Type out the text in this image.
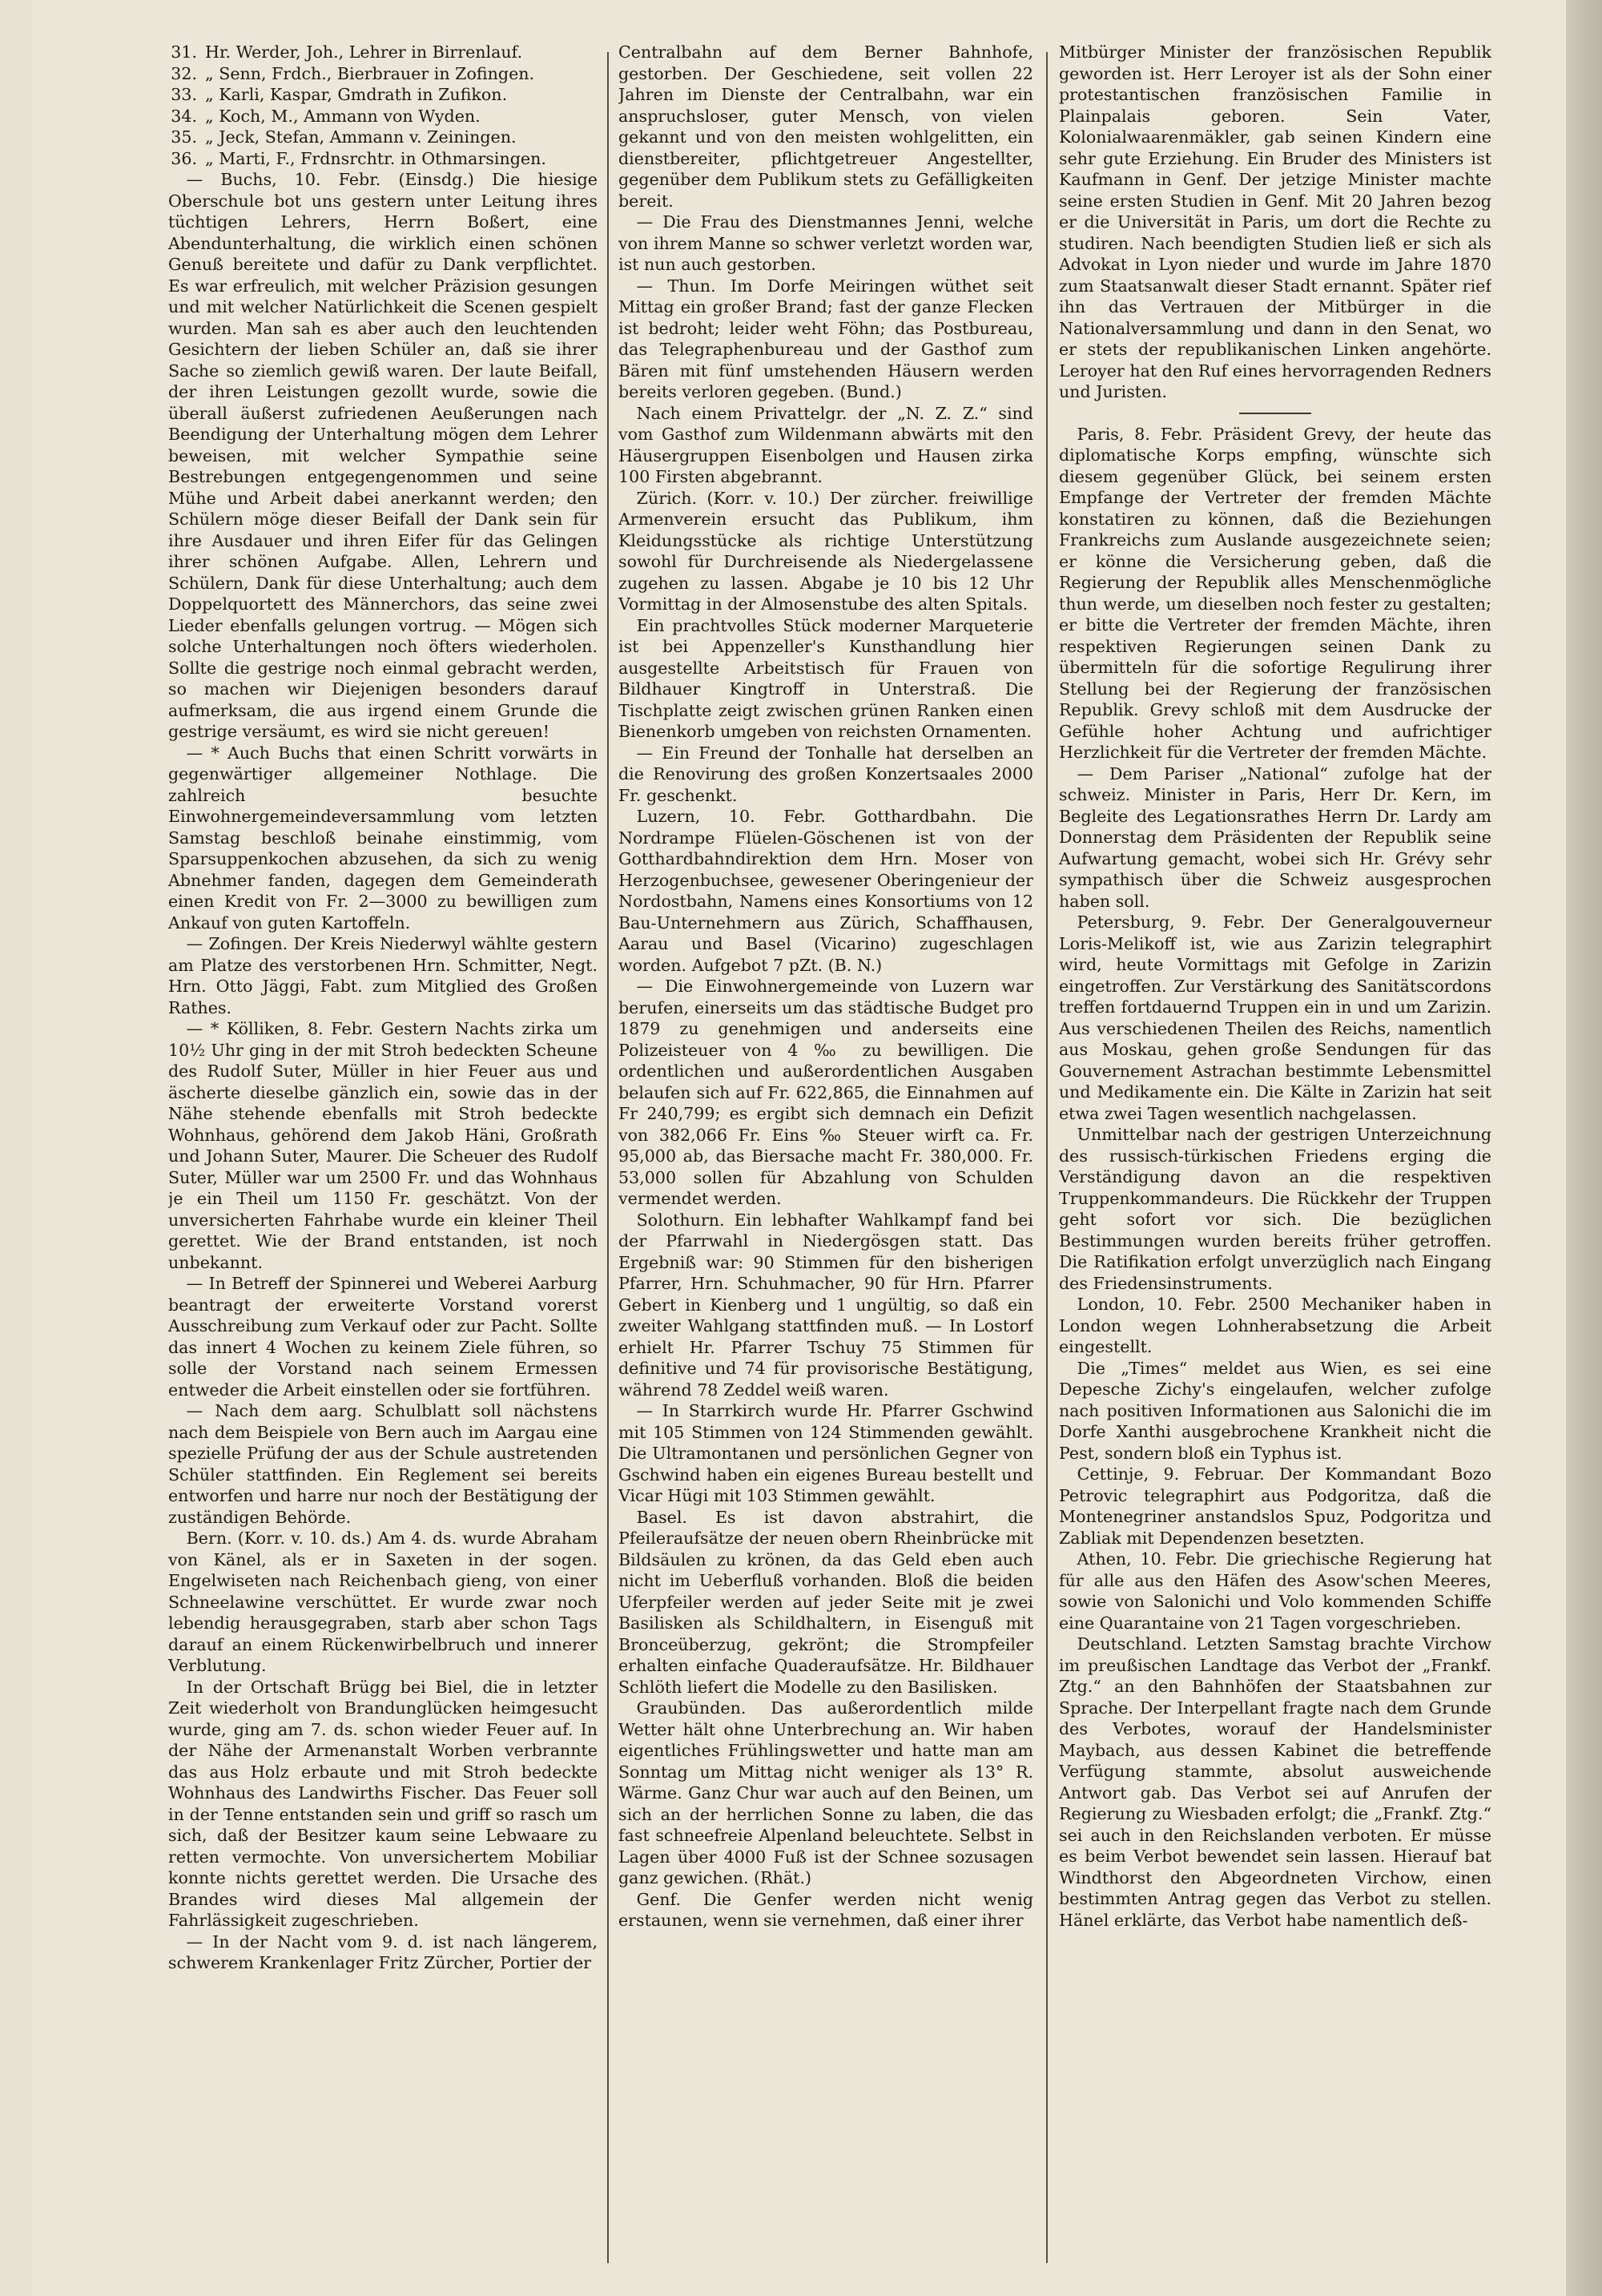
31. Hr. Werder, Joh., Lehrer in Birrenlauf.
32. „ Senn, Frdch., Bierbrauer in Zofingen.
33. „ Karli, Kaspar, Gmdrath in Zufikon.
34. „ Koch, M., Ammann von Wyden.
35. „ Jeck, Stefan, Ammann v. Zeiningen.
36. „ Marti, F., Frdnsrchtr. in Othmarsingen.

— Buchs, 10. Febr. (Einsdg.) Die hiesige Oberschule bot uns gestern unter Leitung ihres tüchtigen Lehrers, Herrn Boßert, eine Abendunterhaltung, die wirklich einen schönen Genuß bereitete und dafür zu Dank verpflichtet. Es war erfreulich, mit welcher Präzision gesungen und mit welcher Natürlichkeit die Scenen gespielt wurden. Man sah es aber auch den leuchtenden Gesichtern der lieben Schüler an, daß sie ihrer Sache so ziemlich gewiß waren. Der laute Beifall, der ihren Leistungen gezollt wurde, sowie die überall äußerst zufriedenen Aeußerungen nach Beendigung der Unterhaltung mögen dem Lehrer beweisen, mit welcher Sympathie seine Bestrebungen entgegengenommen und seine Mühe und Arbeit dabei anerkannt werden; den Schülern möge dieser Beifall der Dank sein für ihre Ausdauer und ihren Eifer für das Gelingen ihrer schönen Aufgabe. Allen, Lehrern und Schülern, Dank für diese Unterhaltung; auch dem Doppelquortett des Männerchors, das seine zwei Lieder ebenfalls gelungen vortrug. — Mögen sich solche Unterhaltungen noch öfters wiederholen. Sollte die gestrige noch einmal gebracht werden, so machen wir Diejenigen besonders darauf aufmerksam, die aus irgend einem Grunde die gestrige versäumt, es wird sie nicht gereuen!

— * Auch Buchs that einen Schritt vorwärts in gegenwärtiger allgemeiner Nothlage. Die zahlreich besuchte Einwohnergemeindeversammlung vom letzten Samstag beschloß beinahe einstimmig, vom Sparsuppenkochen abzusehen, da sich zu wenig Abnehmer fanden, dagegen dem Gemeinderath einen Kredit von Fr. 2—3000 zu bewilligen zum Ankauf von guten Kartoffeln.

— Zofingen. Der Kreis Niederwyl wählte gestern am Platze des verstorbenen Hrn. Schmitter, Negt. Hrn. Otto Jäggi, Fabt. zum Mitglied des Großen Rathes.

— * Kölliken, 8. Febr. Gestern Nachts zirka um 10½ Uhr ging in der mit Stroh bedeckten Scheune des Rudolf Suter, Müller in hier Feuer aus und äscherte dieselbe gänzlich ein, sowie das in der Nähe stehende ebenfalls mit Stroh bedeckte Wohnhaus, gehörend dem Jakob Häni, Großrath und Johann Suter, Maurer. Die Scheuer des Rudolf Suter, Müller war um 2500 Fr. und das Wohnhaus je ein Theil um 1150 Fr. geschätzt. Von der unversicherten Fahrhabe wurde ein kleiner Theil gerettet. Wie der Brand entstanden, ist noch unbekannt.

— In Betreff der Spinnerei und Weberei Aarburg beantragt der erweiterte Vorstand vorerst Ausschreibung zum Verkauf oder zur Pacht. Sollte das innert 4 Wochen zu keinem Ziele führen, so solle der Vorstand nach seinem Ermessen entweder die Arbeit einstellen oder sie fortführen.

— Nach dem aarg. Schulblatt soll nächstens nach dem Beispiele von Bern auch im Aargau eine spezielle Prüfung der aus der Schule austretenden Schüler stattfinden. Ein Reglement sei bereits entworfen und harre nur noch der Bestätigung der zuständigen Behörde.

Bern. (Korr. v. 10. ds.) Am 4. ds. wurde Abraham von Känel, als er in Saxeten in der sogen. Engelwiseten nach Reichenbach gieng, von einer Schneelawine verschüttet. Er wurde zwar noch lebendig herausgegraben, starb aber schon Tags darauf an einem Rückenwirbelbruch und innerer Verblutung.

In der Ortschaft Brügg bei Biel, die in letzter Zeit wiederholt von Brandunglücken heimgesucht wurde, ging am 7. ds. schon wieder Feuer auf. In der Nähe der Armenanstalt Worben verbrannte das aus Holz erbaute und mit Stroh bedeckte Wohnhaus des Landwirths Fischer. Das Feuer soll in der Tenne entstanden sein und griff so rasch um sich, daß der Besitzer kaum seine Lebwaare zu retten vermochte. Von unversichertem Mobiliar konnte nichts gerettet werden. Die Ursache des Brandes wird dieses Mal allgemein der Fahrlässigkeit zugeschrieben.

— In der Nacht vom 9. d. ist nach längerem, schwerem Krankenlager Fritz Zürcher, Portier der

Centralbahn auf dem Berner Bahnhofe, gestorben. Der Geschiedene, seit vollen 22 Jahren im Dienste der Centralbahn, war ein anspruchsloser, guter Mensch, von vielen gekannt und von den meisten wohlgelitten, ein dienstbereiter, pflichtgetreuer Angestellter, gegenüber dem Publikum stets zu Gefälligkeiten bereit.

— Die Frau des Dienstmannes Jenni, welche von ihrem Manne so schwer verletzt worden war, ist nun auch gestorben.

— Thun. Im Dorfe Meiringen wüthet seit Mittag ein großer Brand; fast der ganze Flecken ist bedroht; leider weht Föhn; das Postbureau, das Telegraphenbureau und der Gasthof zum Bären mit fünf umstehenden Häusern werden bereits verloren gegeben. (Bund.)

Nach einem Privattelgr. der „N. Z. Z.“ sind vom Gasthof zum Wildenmann abwärts mit den Häusergruppen Eisenbolgen und Hausen zirka 100 Firsten abgebrannt.

Zürich. (Korr. v. 10.) Der zürcher. freiwillige Armenverein ersucht das Publikum, ihm Kleidungsstücke als richtige Unterstützung sowohl für Durchreisende als Niedergelassene zugehen zu lassen. Abgabe je 10 bis 12 Uhr Vormittag in der Almosenstube des alten Spitals.

Ein prachtvolles Stück moderner Marqueterie ist bei Appenzeller's Kunsthandlung hier ausgestellte Arbeitstisch für Frauen von Bildhauer Kingtroff in Unterstraß. Die Tischplatte zeigt zwischen grünen Ranken einen Bienenkorb umgeben von reichsten Ornamenten.

— Ein Freund der Tonhalle hat derselben an die Renovirung des großen Konzertsaales 2000 Fr. geschenkt.

Luzern, 10. Febr. Gotthardbahn. Die Nordrampe Flüelen-Göschenen ist von der Gotthardbahndirektion dem Hrn. Moser von Herzogenbuchsee, gewesener Oberingenieur der Nordostbahn, Namens eines Konsortiums von 12 Bau-Unternehmern aus Zürich, Schaffhausen, Aarau und Basel (Vicarino) zugeschlagen worden. Aufgebot 7 pZt. (B. N.)

— Die Einwohnergemeinde von Luzern war berufen, einerseits um das städtische Budget pro 1879 zu genehmigen und anderseits eine Polizeisteuer von 4 ‰ zu bewilligen. Die ordentlichen und außerordentlichen Ausgaben belaufen sich auf Fr. 622,865, die Einnahmen auf Fr 240,799; es ergibt sich demnach ein Defizit von 382,066 Fr. Eins ‰ Steuer wirft ca. Fr. 95,000 ab, das Biersache macht Fr. 380,000. Fr. 53,000 sollen für Abzahlung von Schulden vermendet werden.

Solothurn. Ein lebhafter Wahlkampf fand bei der Pfarrwahl in Niedergösgen statt. Das Ergebniß war: 90 Stimmen für den bisherigen Pfarrer, Hrn. Schuhmacher, 90 für Hrn. Pfarrer Gebert in Kienberg und 1 ungültig, so daß ein zweiter Wahlgang stattfinden muß. — In Lostorf erhielt Hr. Pfarrer Tschuy 75 Stimmen für definitive und 74 für provisorische Bestätigung, während 78 Zeddel weiß waren.

— In Starrkirch wurde Hr. Pfarrer Gschwind mit 105 Stimmen von 124 Stimmenden gewählt. Die Ultramontanen und persönlichen Gegner von Gschwind haben ein eigenes Bureau bestellt und Vicar Hügi mit 103 Stimmen gewählt.

Basel. Es ist davon abstrahirt, die Pfeileraufsätze der neuen obern Rheinbrücke mit Bildsäulen zu krönen, da das Geld eben auch nicht im Ueberfluß vorhanden. Bloß die beiden Uferpfeiler werden auf jeder Seite mit je zwei Basilisken als Schildhaltern, in Eisenguß mit Bronceüberzug, gekrönt; die Strompfeiler erhalten einfache Quaderaufsätze. Hr. Bildhauer Schlöth liefert die Modelle zu den Basilisken.

Graubünden. Das außerordentlich milde Wetter hält ohne Unterbrechung an. Wir haben eigentliches Frühlingswetter und hatte man am Sonntag um Mittag nicht weniger als 13° R. Wärme. Ganz Chur war auch auf den Beinen, um sich an der herrlichen Sonne zu laben, die das fast schneefreie Alpenland beleuchtete. Selbst in Lagen über 4000 Fuß ist der Schnee sozusagen ganz gewichen. (Rhät.)

Genf. Die Genfer werden nicht wenig erstaunen, wenn sie vernehmen, daß einer ihrer

Mitbürger Minister der französischen Republik geworden ist. Herr Leroyer ist als der Sohn einer protestantischen französischen Familie in Plainpalais geboren. Sein Vater, Kolonialwaarenmäkler, gab seinen Kindern eine sehr gute Erziehung. Ein Bruder des Ministers ist Kaufmann in Genf. Der jetzige Minister machte seine ersten Studien in Genf. Mit 20 Jahren bezog er die Universität in Paris, um dort die Rechte zu studiren. Nach beendigten Studien ließ er sich als Advokat in Lyon nieder und wurde im Jahre 1870 zum Staatsanwalt dieser Stadt ernannt. Später rief ihn das Vertrauen der Mitbürger in die Nationalversammlung und dann in den Senat, wo er stets der republikanischen Linken angehörte. Leroyer hat den Ruf eines hervorragenden Redners und Juristen.

Paris, 8. Febr. Präsident Grevy, der heute das diplomatische Korps empfing, wünschte sich diesem gegenüber Glück, bei seinem ersten Empfange der Vertreter der fremden Mächte konstatiren zu können, daß die Beziehungen Frankreichs zum Auslande ausgezeichnete seien; er könne die Versicherung geben, daß die Regierung der Republik alles Menschenmögliche thun werde, um dieselben noch fester zu gestalten; er bitte die Vertreter der fremden Mächte, ihren respektiven Regierungen seinen Dank zu übermitteln für die sofortige Regulirung ihrer Stellung bei der Regierung der französischen Republik. Grevy schloß mit dem Ausdrucke der Gefühle hoher Achtung und aufrichtiger Herzlichkeit für die Vertreter der fremden Mächte.

— Dem Pariser „National“ zufolge hat der schweiz. Minister in Paris, Herr Dr. Kern, im Begleite des Legationsrathes Herrn Dr. Lardy am Donnerstag dem Präsidenten der Republik seine Aufwartung gemacht, wobei sich Hr. Grévy sehr sympathisch über die Schweiz ausgesprochen haben soll.

Petersburg, 9. Febr. Der Generalgouverneur Loris-Melikoff ist, wie aus Zarizin telegraphirt wird, heute Vormittags mit Gefolge in Zarizin eingetroffen. Zur Verstärkung des Sanitätscordons treffen fortdauernd Truppen ein in und um Zarizin. Aus verschiedenen Theilen des Reichs, namentlich aus Moskau, gehen große Sendungen für das Gouvernement Astrachan bestimmte Lebensmittel und Medikamente ein. Die Kälte in Zarizin hat seit etwa zwei Tagen wesentlich nachgelassen.

Unmittelbar nach der gestrigen Unterzeichnung des russisch-türkischen Friedens erging die Verständigung davon an die respektiven Truppenkommandeurs. Die Rückkehr der Truppen geht sofort vor sich. Die bezüglichen Bestimmungen wurden bereits früher getroffen. Die Ratifikation erfolgt unverzüglich nach Eingang des Friedensinstruments.

London, 10. Febr. 2500 Mechaniker haben in London wegen Lohnherabsetzung die Arbeit eingestellt.

Die „Times“ meldet aus Wien, es sei eine Depesche Zichy's eingelaufen, welcher zufolge nach positiven Informationen aus Salonichi die im Dorfe Xanthi ausgebrochene Krankheit nicht die Pest, sondern bloß ein Typhus ist.

Cettinje, 9. Februar. Der Kommandant Bozo Petrovic telegraphirt aus Podgoritza, daß die Montenegriner anstandslos Spuz, Podgoritza und Zabliak mit Dependenzen besetzten.

Athen, 10. Febr. Die griechische Regierung hat für alle aus den Häfen des Asow'schen Meeres, sowie von Salonichi und Volo kommenden Schiffe eine Quarantaine von 21 Tagen vorgeschrieben.

Deutschland. Letzten Samstag brachte Virchow im preußischen Landtage das Verbot der „Frankf. Ztg.“ an den Bahnhöfen der Staatsbahnen zur Sprache. Der Interpellant fragte nach dem Grunde des Verbotes, worauf der Handelsminister Maybach, aus dessen Kabinet die betreffende Verfügung stammte, absolut ausweichende Antwort gab. Das Verbot sei auf Anrufen der Regierung zu Wiesbaden erfolgt; die „Frankf. Ztg.“ sei auch in den Reichslanden verboten. Er müsse es beim Verbot bewendet sein lassen. Hierauf bat Windthorst den Abgeordneten Virchow, einen bestimmten Antrag gegen das Verbot zu stellen. Hänel erklärte, das Verbot habe namentlich deß-
